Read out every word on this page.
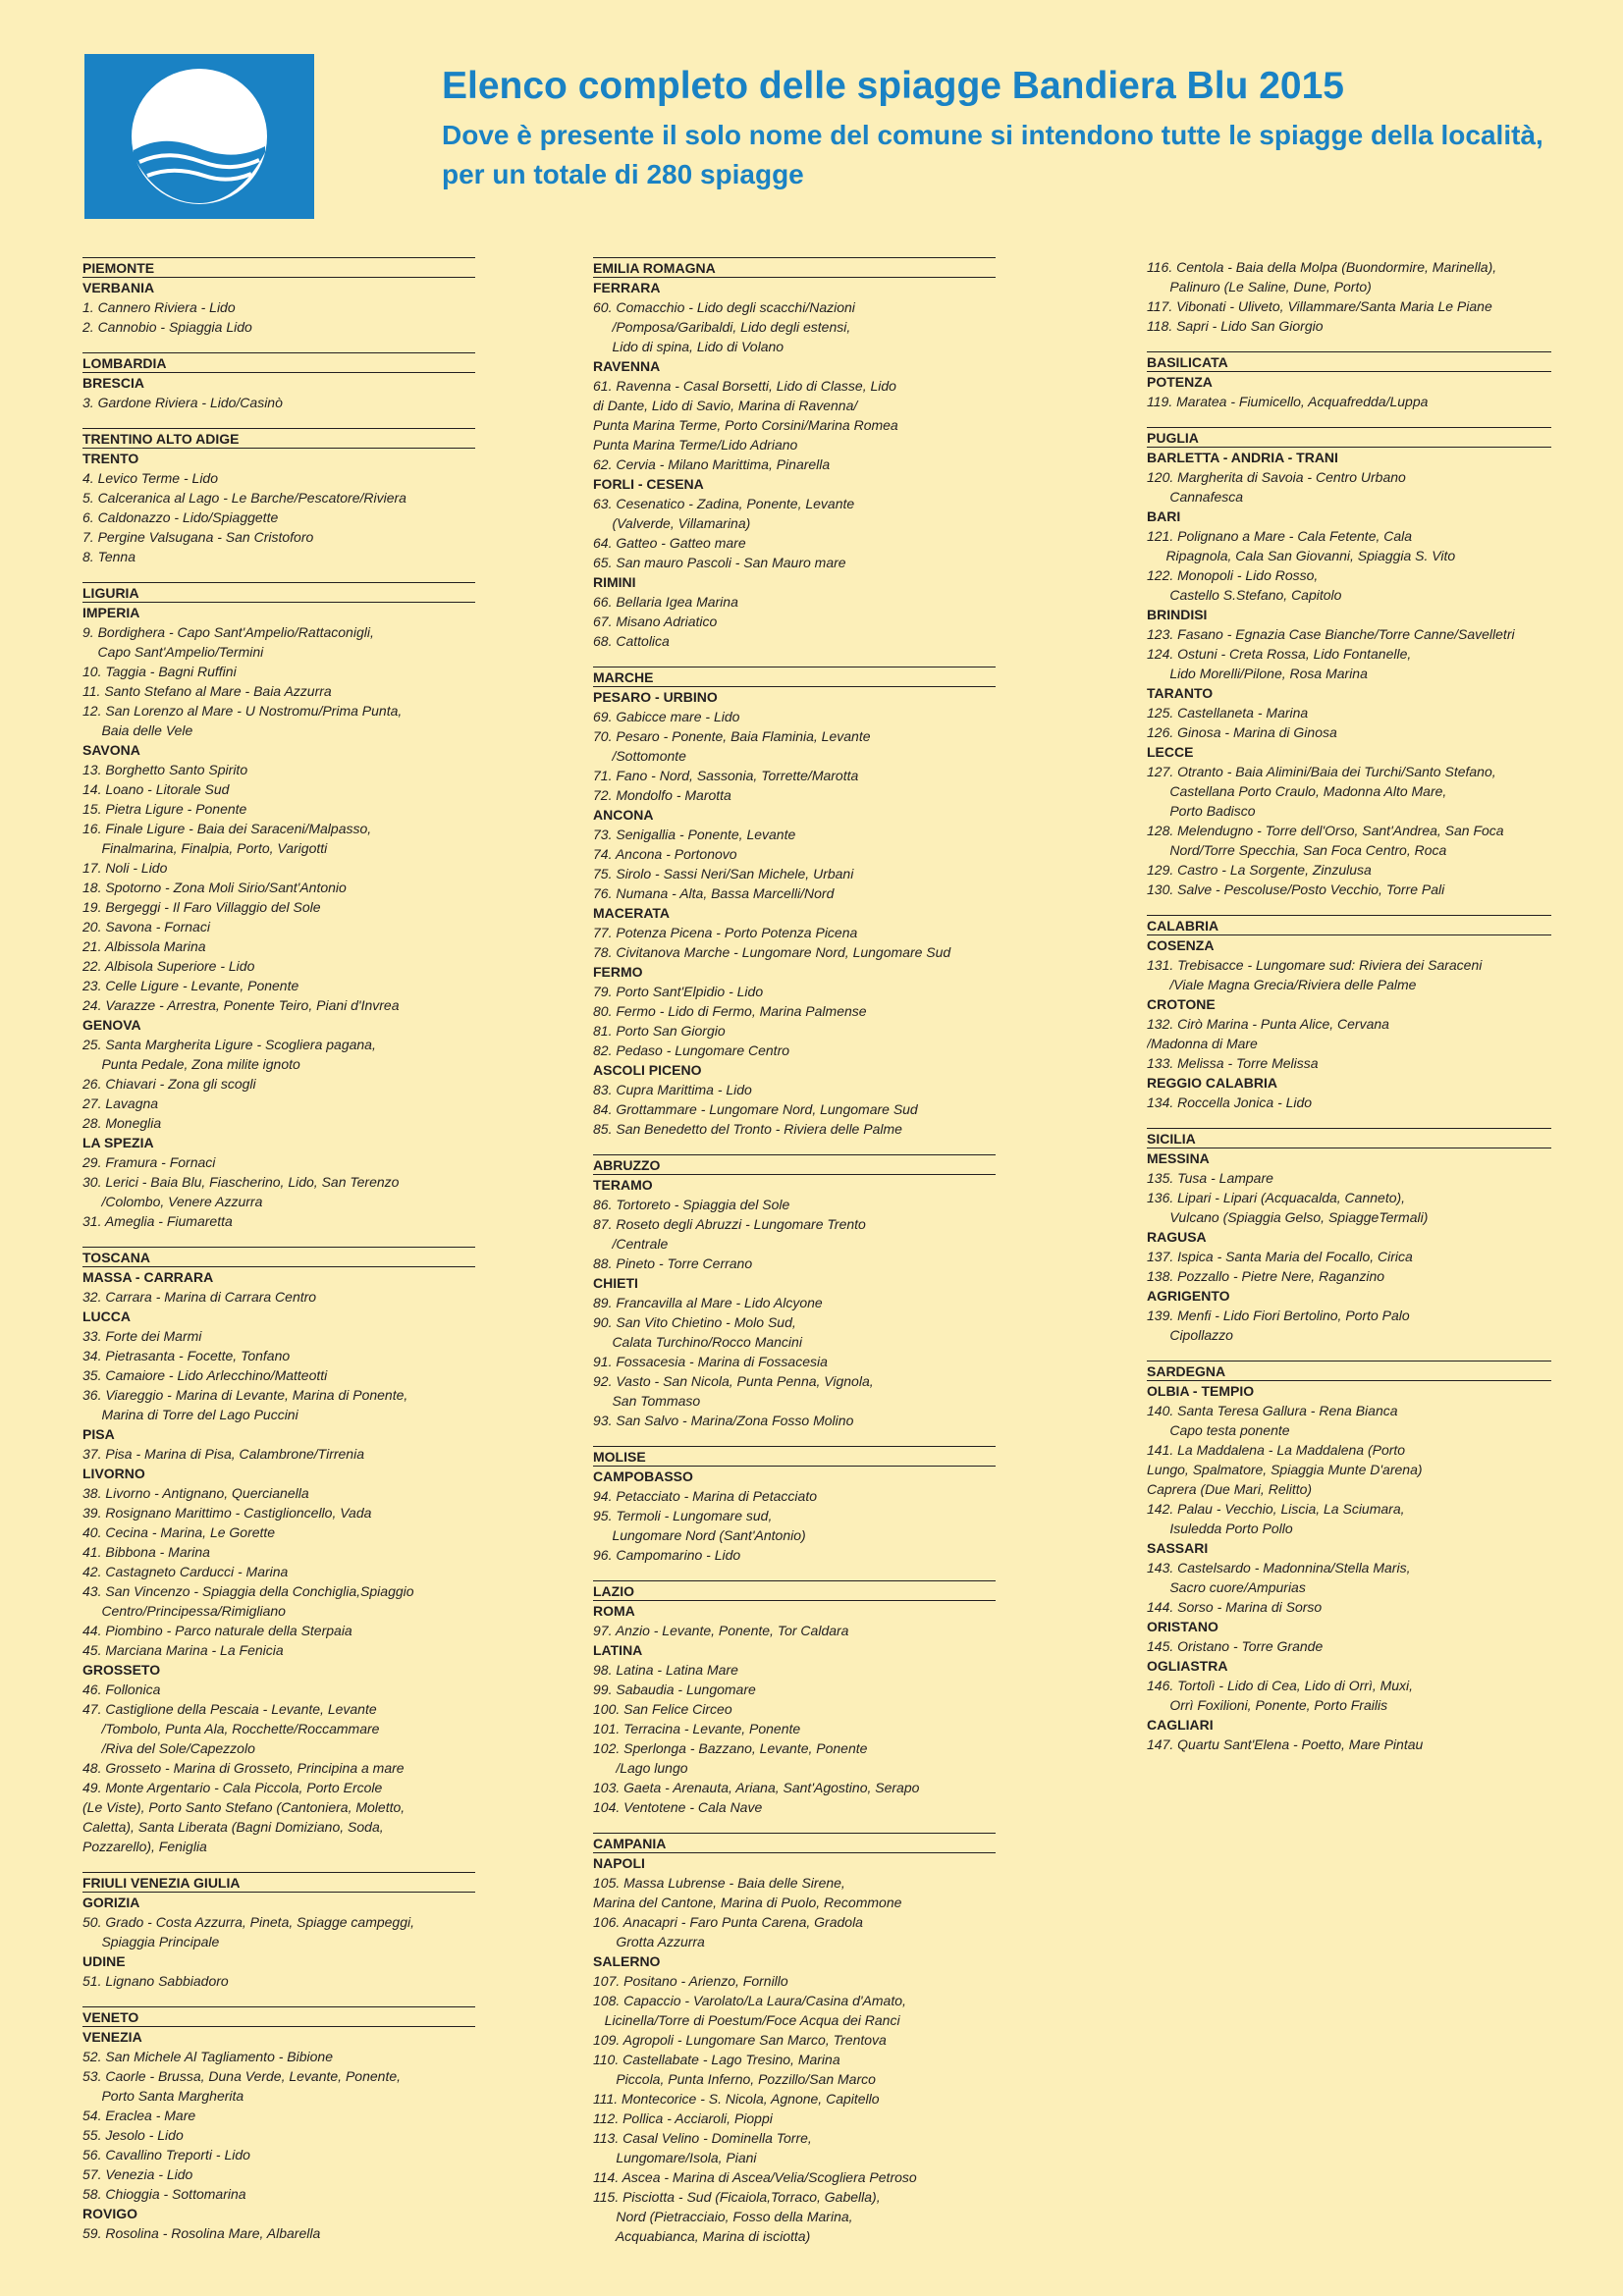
Elenco completo delle spiagge Bandiera Blu 2015
Dove è presente il solo nome del comune si intendono tutte le spiagge della località, per un totale di 280 spiagge
PIEMONTE
VERBANIA
1. Cannero Riviera - Lido
2. Cannobio - Spiaggia Lido
LOMBARDIA
BRESCIA
3. Gardone Riviera - Lido/Casinò
TRENTINO ALTO ADIGE
TRENTO
4. Levico Terme - Lido
5. Calceranica al Lago - Le Barche/Pescatore/Riviera
6. Caldonazzo - Lido/Spiaggette
7. Pergine Valsugana - San Cristoforo
8. Tenna
LIGURIA
IMPERIA
9. Bordighera - Capo Sant'Ampelio/Rattaconigli,
Capo Sant'Ampelio/Termini
10. Taggia - Bagni Ruffini
11. Santo Stefano al Mare - Baia Azzurra
12. San Lorenzo al Mare - U Nostromu/Prima Punta,
Baia delle Vele
SAVONA
13. Borghetto Santo Spirito
14. Loano - Litorale Sud
15. Pietra Ligure - Ponente
16. Finale Ligure - Baia dei Saraceni/Malpasso,
Finalmarina, Finalpia, Porto, Varigotti
17. Noli - Lido
18. Spotorno - Zona Moli Sirio/Sant'Antonio
19. Bergeggi - Il Faro Villaggio del Sole
20. Savona - Fornaci
21. Albissola Marina
22. Albisola Superiore - Lido
23. Celle Ligure - Levante, Ponente
24. Varazze - Arrestra, Ponente Teiro, Piani d'Invrea
GENOVA
25. Santa Margherita Ligure - Scogliera pagana,
Punta Pedale, Zona milite ignoto
26. Chiavari - Zona gli scogli
27. Lavagna
28. Moneglia
LA SPEZIA
29. Framura - Fornaci
30. Lerici - Baia Blu, Fiascherino, Lido, San Terenzo
/Colombo, Venere Azzurra
31. Ameglia - Fiumaretta
TOSCANA
MASSA - CARRARA
32. Carrara - Marina di Carrara Centro
LUCCA
33. Forte dei Marmi
34. Pietrasanta - Focette, Tonfano
35. Camaiore - Lido Arlecchino/Matteotti
36. Viareggio - Marina di Levante, Marina di Ponente,
Marina di Torre del Lago Puccini
PISA
37. Pisa - Marina di Pisa, Calambrone/Tirrenia
LIVORNO
38. Livorno - Antignano, Quercianella
39. Rosignano Marittimo - Castiglioncello, Vada
40. Cecina - Marina, Le Gorette
41. Bibbona - Marina
42. Castagneto Carducci - Marina
43. San Vincenzo - Spiaggia della Conchiglia,Spiaggio
Centro/Principessa/Rimigliano
44. Piombino - Parco naturale della Sterpaia
45. Marciana Marina - La Fenicia
GROSSETO
46. Follonica
47. Castiglione della Pescaia - Levante, Levante
/Tombolo, Punta Ala, Rocchette/Roccammare
/Riva del Sole/Capezzolo
48. Grosseto - Marina di Grosseto, Principina a mare
49. Monte Argentario - Cala Piccola, Porto Ercole
(Le Viste), Porto Santo Stefano (Cantoniera, Moletto,
Caletta), Santa Liberata (Bagni Domiziano, Soda,
Pozzarello), Feniglia
FRIULI VENEZIA GIULIA
GORIZIA
50. Grado - Costa Azzurra, Pineta, Spiagge campeggi,
Spiaggia Principale
UDINE
51. Lignano Sabbiadoro
VENETO
VENEZIA
52. San Michele Al Tagliamento - Bibione
53. Caorle - Brussa, Duna Verde, Levante, Ponente,
Porto Santa Margherita
54. Eraclea - Mare
55. Jesolo - Lido
56. Cavallino Treporti - Lido
57. Venezia - Lido
58. Chioggia - Sottomarina
ROVIGO
59. Rosolina - Rosolina Mare, Albarella
EMILIA ROMAGNA
FERRARA
60. Comacchio - Lido degli scacchi/Nazioni
/Pomposa/Garibaldi, Lido degli estensi,
Lido di spina, Lido di Volano
RAVENNA
61. Ravenna - Casal Borsetti, Lido di Classe, Lido
di Dante, Lido di Savio, Marina di Ravenna/
Punta Marina Terme, Porto Corsini/Marina Romea
Punta Marina Terme/Lido Adriano
62. Cervia - Milano Marittima, Pinarella
FORLI - CESENA
63. Cesenatico - Zadina, Ponente, Levante
(Valverde, Villamarina)
64. Gatteo - Gatteo mare
65. San mauro Pascoli - San Mauro mare
RIMINI
66. Bellaria Igea Marina
67. Misano Adriatico
68. Cattolica
MARCHE
PESARO - URBINO
69. Gabicce mare - Lido
70. Pesaro - Ponente, Baia Flaminia, Levante
/Sottomonte
71. Fano - Nord, Sassonia, Torrette/Marotta
72. Mondolfo - Marotta
ANCONA
73. Senigallia - Ponente, Levante
74. Ancona - Portonovo
75. Sirolo - Sassi Neri/San Michele, Urbani
76. Numana - Alta, Bassa Marcelli/Nord
MACERATA
77. Potenza Picena - Porto Potenza Picena
78. Civitanova Marche - Lungomare Nord, Lungomare Sud
FERMO
79. Porto Sant'Elpidio - Lido
80. Fermo - Lido di Fermo, Marina Palmense
81. Porto San Giorgio
82. Pedaso - Lungomare Centro
ASCOLI PICENO
83. Cupra Marittima - Lido
84. Grottammare - Lungomare Nord, Lungomare Sud
85. San Benedetto del Tronto - Riviera delle Palme
ABRUZZO
TERAMO
86. Tortoreto - Spiaggia del Sole
87. Roseto degli Abruzzi - Lungomare Trento
/Centrale
88. Pineto - Torre Cerrano
CHIETI
89. Francavilla al Mare - Lido Alcyone
90. San Vito Chietino - Molo Sud,
Calata Turchino/Rocco Mancini
91. Fossacesia - Marina di Fossacesia
92. Vasto - San Nicola, Punta Penna, Vignola,
San Tommaso
93. San Salvo - Marina/Zona Fosso Molino
MOLISE
CAMPOBASSO
94. Petacciato - Marina di Petacciato
95. Termoli - Lungomare sud,
Lungomare Nord (Sant'Antonio)
96. Campomarino - Lido
LAZIO
ROMA
97. Anzio - Levante, Ponente, Tor Caldara
LATINA
98. Latina - Latina Mare
99. Sabaudia - Lungomare
100. San Felice Circeo
101. Terracina - Levante, Ponente
102. Sperlonga - Bazzano, Levante, Ponente
/Lago lungo
103. Gaeta - Arenauta, Ariana, Sant'Agostino, Serapo
104. Ventotene - Cala Nave
CAMPANIA
NAPOLI
105. Massa Lubrense - Baia delle Sirene,
Marina del Cantone, Marina di Puolo, Recommone
106. Anacapri - Faro Punta Carena, Gradola
Grotta Azzurra
SALERNO
107. Positano - Arienzo, Fornillo
108. Capaccio - Varolato/La Laura/Casina d'Amato,
Licinella/Torre di Poestum/Foce Acqua dei Ranci
109. Agropoli - Lungomare San Marco, Trentova
110. Castellabate - Lago Tresino, Marina
Piccola, Punta Inferno, Pozzillo/San Marco
111. Montecorice - S. Nicola, Agnone, Capitello
112. Pollica - Acciaroli, Pioppi
113. Casal Velino - Dominella Torre,
Lungomare/Isola, Piani
114. Ascea - Marina di Ascea/Velia/Scogliera Petroso
115. Pisciotta - Sud (Ficaiola,Torraco, Gabella),
Nord (Pietracciaio, Fosso della Marina,
Acquabianca, Marina di isciotta)
116. Centola - Baia della Molpa (Buondormire, Marinella),
Palinuro (Le Saline, Dune, Porto)
117. Vibonati - Uliveto, Villammare/Santa Maria Le Piane
118. Sapri - Lido San Giorgio
BASILICATA
POTENZA
119. Maratea - Fiumicello, Acquafredda/Luppa
PUGLIA
BARLETTA - ANDRIA - TRANI
120. Margherita di Savoia - Centro Urbano
Cannafesca
BARI
121. Polignano a Mare - Cala Fetente, Cala
Ripagnola, Cala San Giovanni, Spiaggia S. Vito
122. Monopoli - Lido Rosso,
Castello S.Stefano, Capitolo
BRINDISI
123. Fasano - Egnazia Case Bianche/Torre Canne/Savelletri
124. Ostuni - Creta Rossa, Lido Fontanelle,
Lido Morelli/Pilone, Rosa Marina
TARANTO
125. Castellaneta - Marina
126. Ginosa - Marina di Ginosa
LECCE
127. Otranto - Baia Alimini/Baia dei Turchi/Santo Stefano,
Castellana Porto Craulo, Madonna Alto Mare,
Porto Badisco
128. Melendugno - Torre dell'Orso, Sant'Andrea, San Foca
Nord/Torre Specchia, San Foca Centro, Roca
129. Castro - La Sorgente, Zinzulusa
130. Salve - Pescoluse/Posto Vecchio, Torre Pali
CALABRIA
COSENZA
131. Trebisacce - Lungomare sud: Riviera dei Saraceni
/Viale Magna Grecia/Riviera delle Palme
CROTONE
132. Cirò Marina - Punta Alice, Cervana
/Madonna di Mare
133. Melissa - Torre Melissa
REGGIO CALABRIA
134. Roccella Jonica - Lido
SICILIA
MESSINA
135. Tusa - Lampare
136. Lipari - Lipari (Acquacalda, Canneto),
Vulcano (Spiaggia Gelso, SpiaggeTermali)
RAGUSA
137. Ispica - Santa Maria del Focallo, Cirica
138. Pozzallo - Pietre Nere, Raganzino
AGRIGENTO
139. Menfi - Lido Fiori Bertolino, Porto Palo
Cipollazzo
SARDEGNA
OLBIA - TEMPIO
140. Santa Teresa Gallura - Rena Bianca
Capo testa ponente
141. La Maddalena - La Maddalena (Porto
Lungo, Spalmatore, Spiaggia Munte D'arena)
Caprera (Due Mari, Relitto)
142. Palau - Vecchio, Liscia, La Sciumara,
Isuledda Porto Pollo
SASSARI
143. Castelsardo - Madonnina/Stella Maris,
Sacro cuore/Ampurias
144. Sorso - Marina di Sorso
ORISTANO
145. Oristano - Torre Grande
OGLIASTRA
146. Tortolì - Lido di Cea, Lido di Orrì, Muxi,
Orrì Foxilioni, Ponente, Porto Frailis
CAGLIARI
147. Quartu Sant'Elena - Poetto, Mare Pintau
